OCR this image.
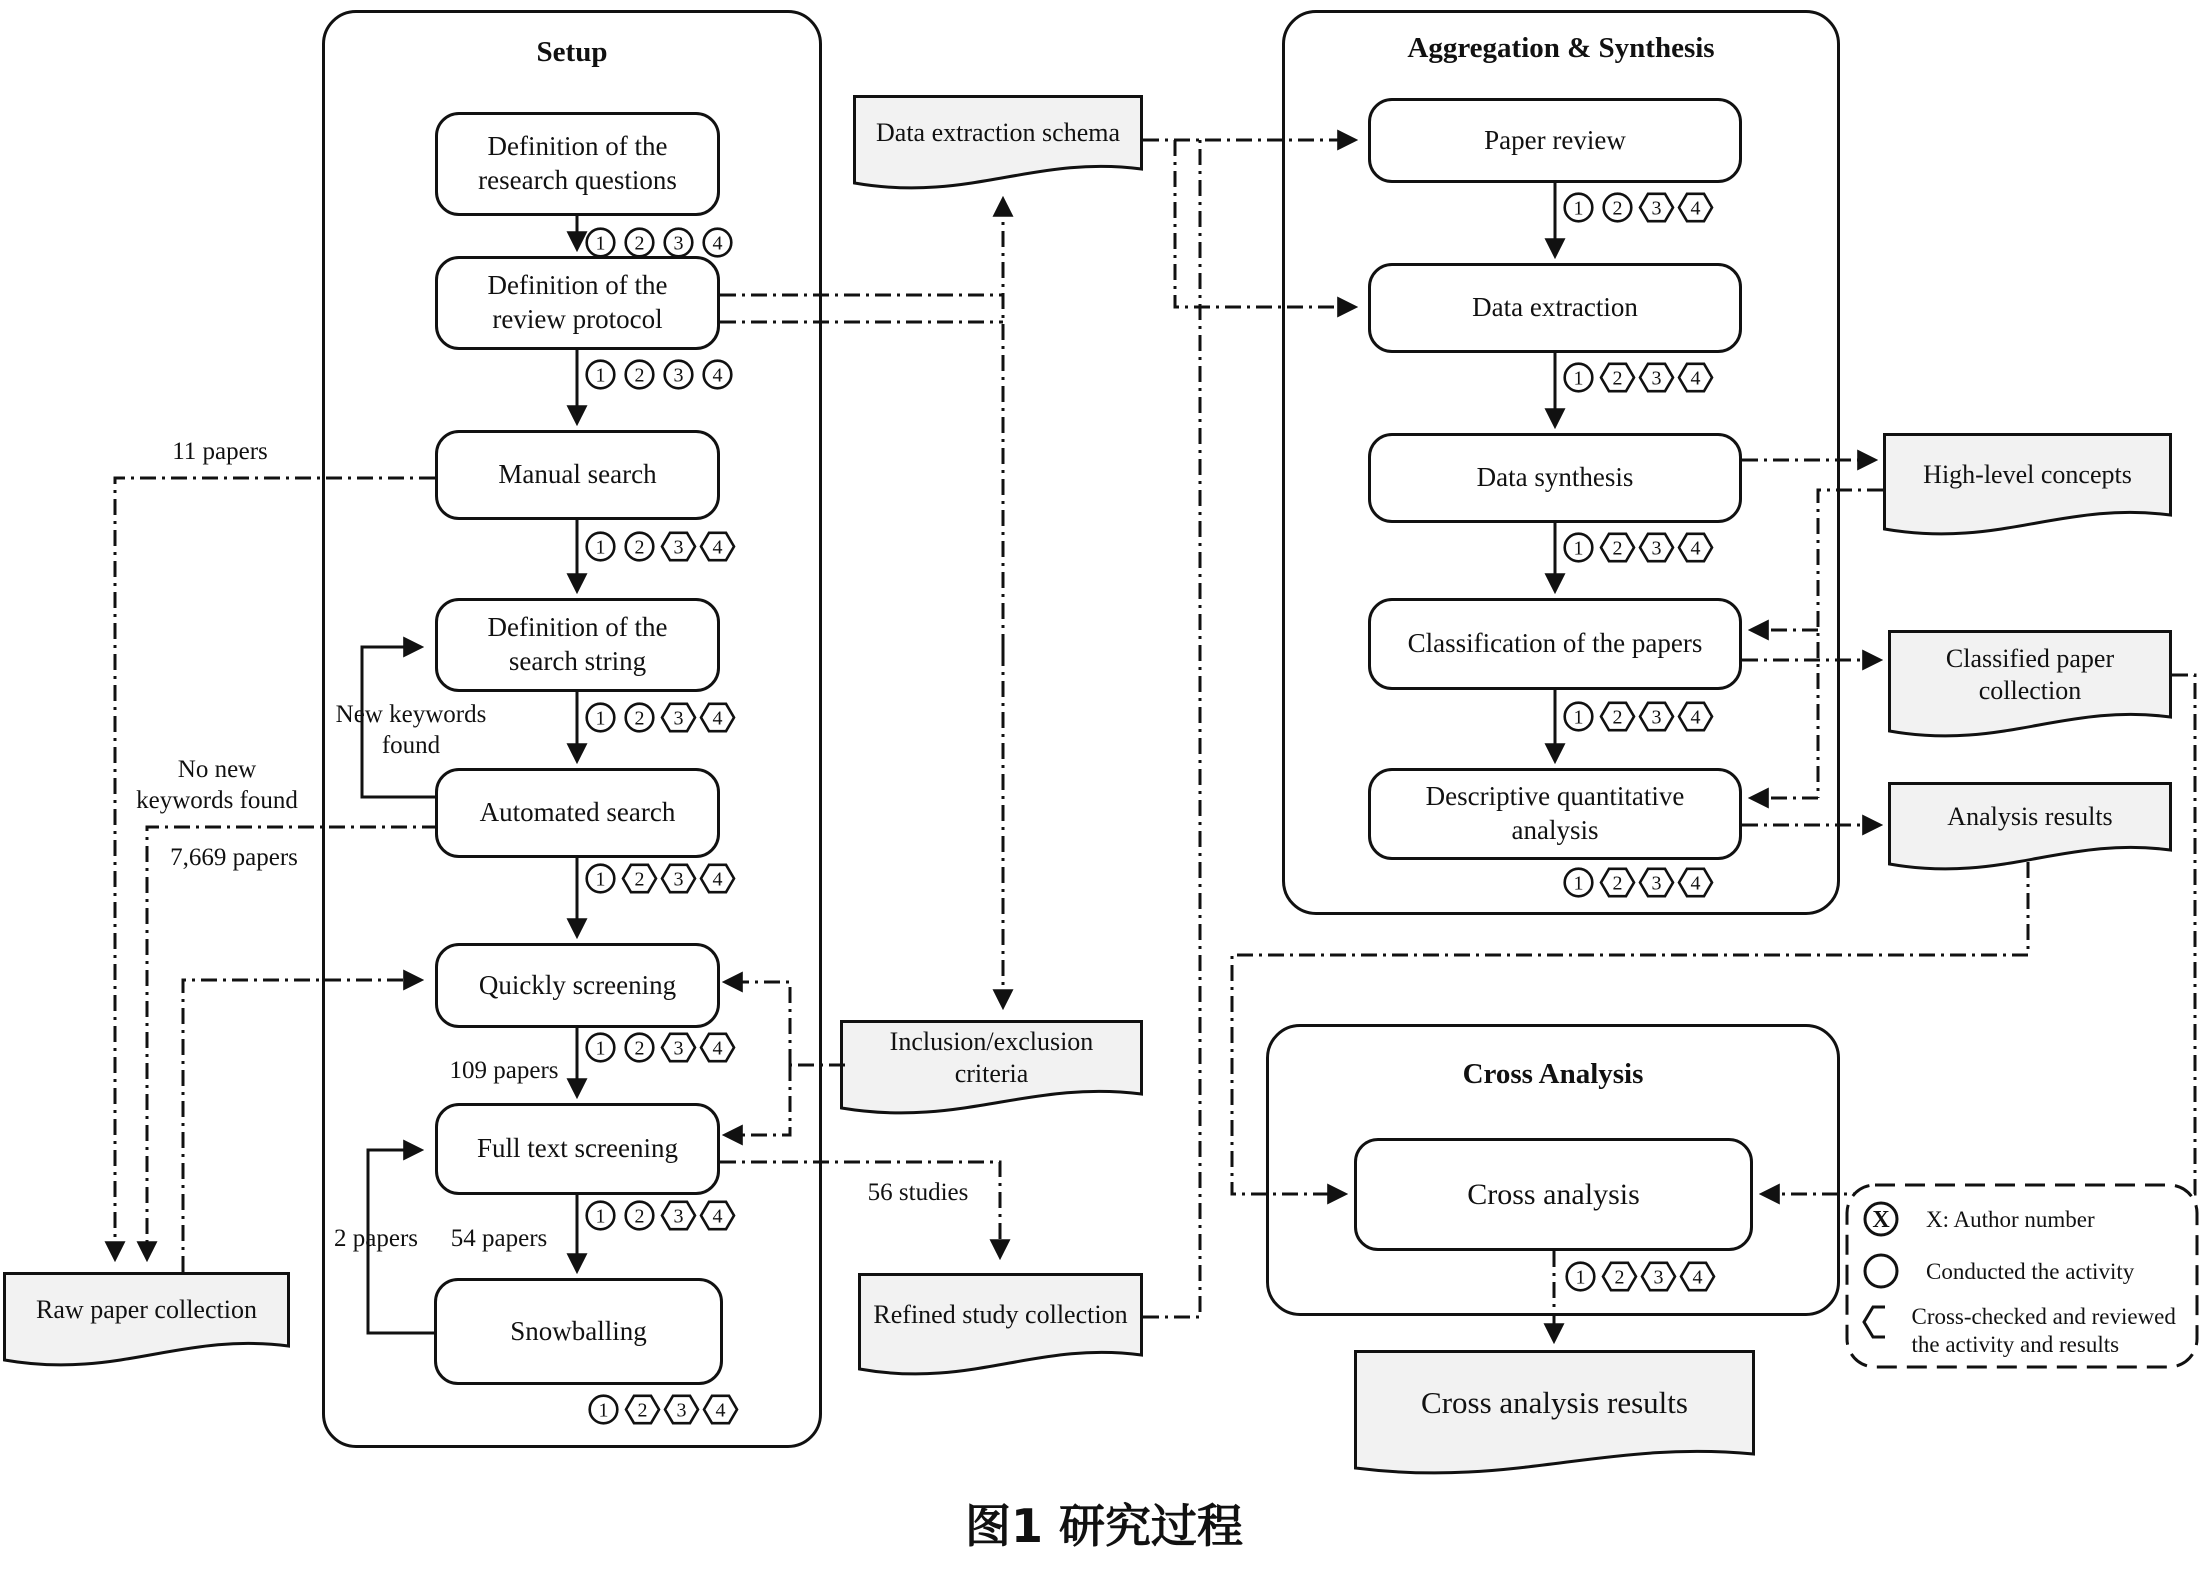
Setup	Aggregation & Synthesis
Cross Analysis
Definition of the research questions
Definition of the review protocol
Manual search
Definition of the search string
Automated search
Quickly screening
Full text screening
Snowballing
Paper review
Data extraction
Data synthesis
Classification of the papers
Descriptive quantitative analysis
Cross analysis
Raw paper collection
Data extraction schema
Inclusion/exclusion criteria
Refined study collection
High-level concepts
Classified paper collection
Analysis results
Cross analysis results
1 2 3 4
1 2 3 4
1 2 3 4
1 2 3 4
1 2 3 4
1 2 3 4
1 2 3 4
1 2 3 4
1 2 3 4
1 2 3 4
1 2 3 4
1 2 3 4
1 2 3 4
1 2 3 4
11 papers
No new keywords found
7,669 papers
New keywords found
109 papers
2 papers	54 papers
56 studies
X X: Author number
Conducted the activity
Cross-checked and reviewed the activity and results
图1 研究过程
